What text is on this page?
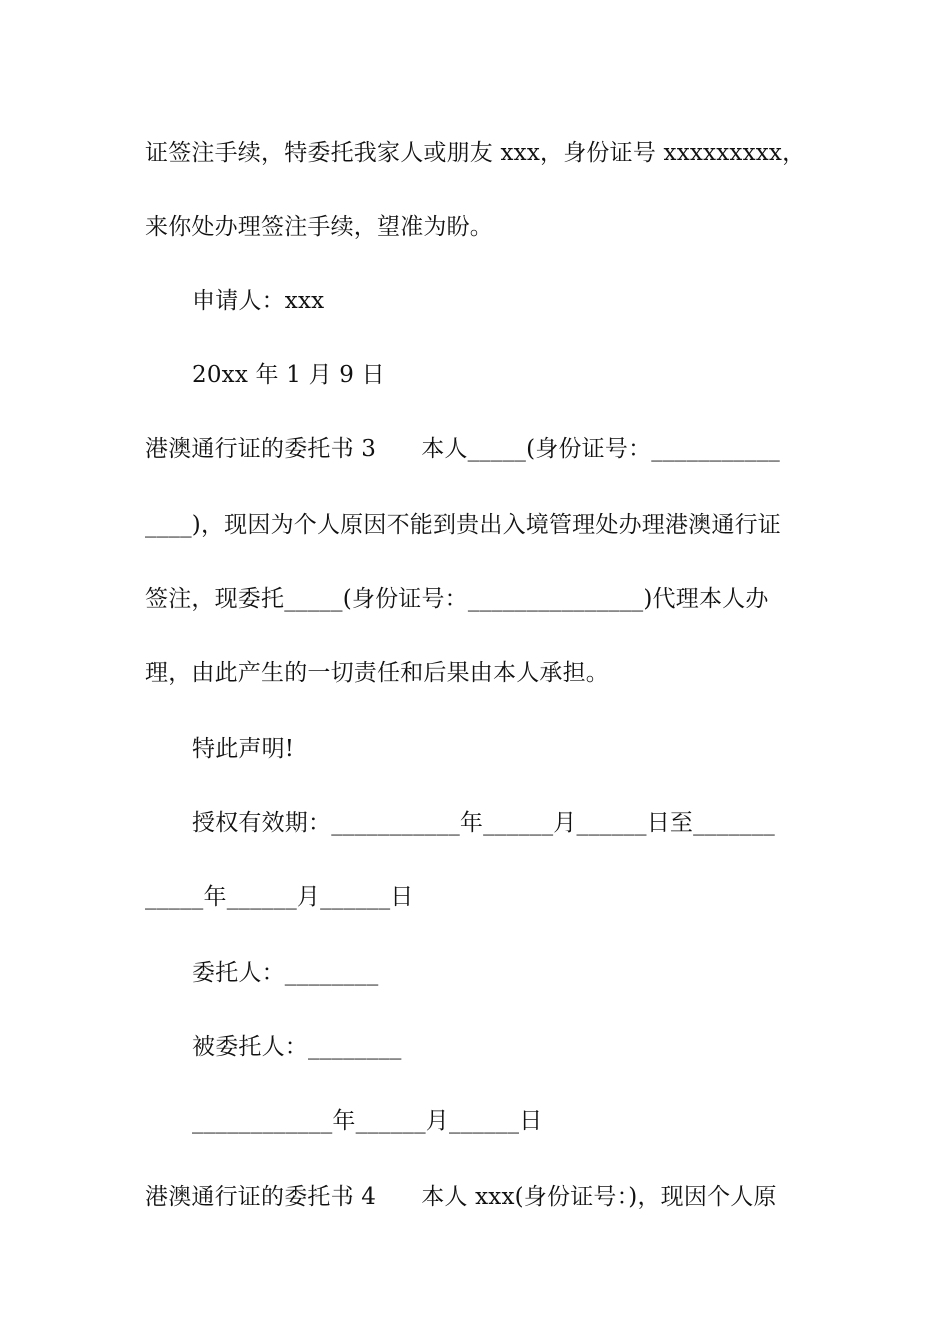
证签注手续，特委托我家人或朋友 xxx，身份证号 xxxxxxxxx，
来你处办理签注手续，望准为盼。
申请人：xxx
20xx 年 1 月 9 日
港澳通行证的委托书 3      本人_____(身份证号：___________
____)，现因为个人原因不能到贵出入境管理处办理港澳通行证
签注，现委托_____(身份证号：_______________)代理本人办
理，由此产生的一切责任和后果由本人承担。
特此声明!
授权有效期：___________年______月______日至_______
_____年______月______日
委托人：________
被委托人：________
____________年______月______日
港澳通行证的委托书 4      本人 xxx(身份证号：)，现因个人原
